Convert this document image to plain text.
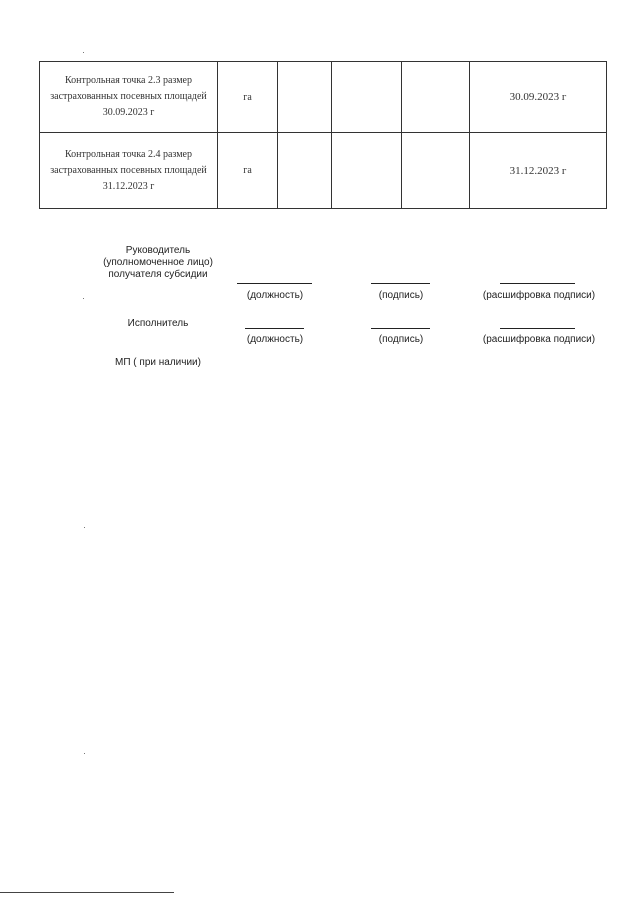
Контрольная точка 2.3 размер застрахованных посевных площадей 30.09.2023 г	га				30.09.2023 г
Контрольная точка 2.4 размер застрахованных посевных площадей 31.12.2023 г	га				31.12.2023 г
Руководитель (уполномоченное лицо) получателя субсидии
(должность)	(подпись)	(расшифровка подписи)
Исполнитель
(должность)	(подпись)	(расшифровка подписи)
МП ( при наличии)
